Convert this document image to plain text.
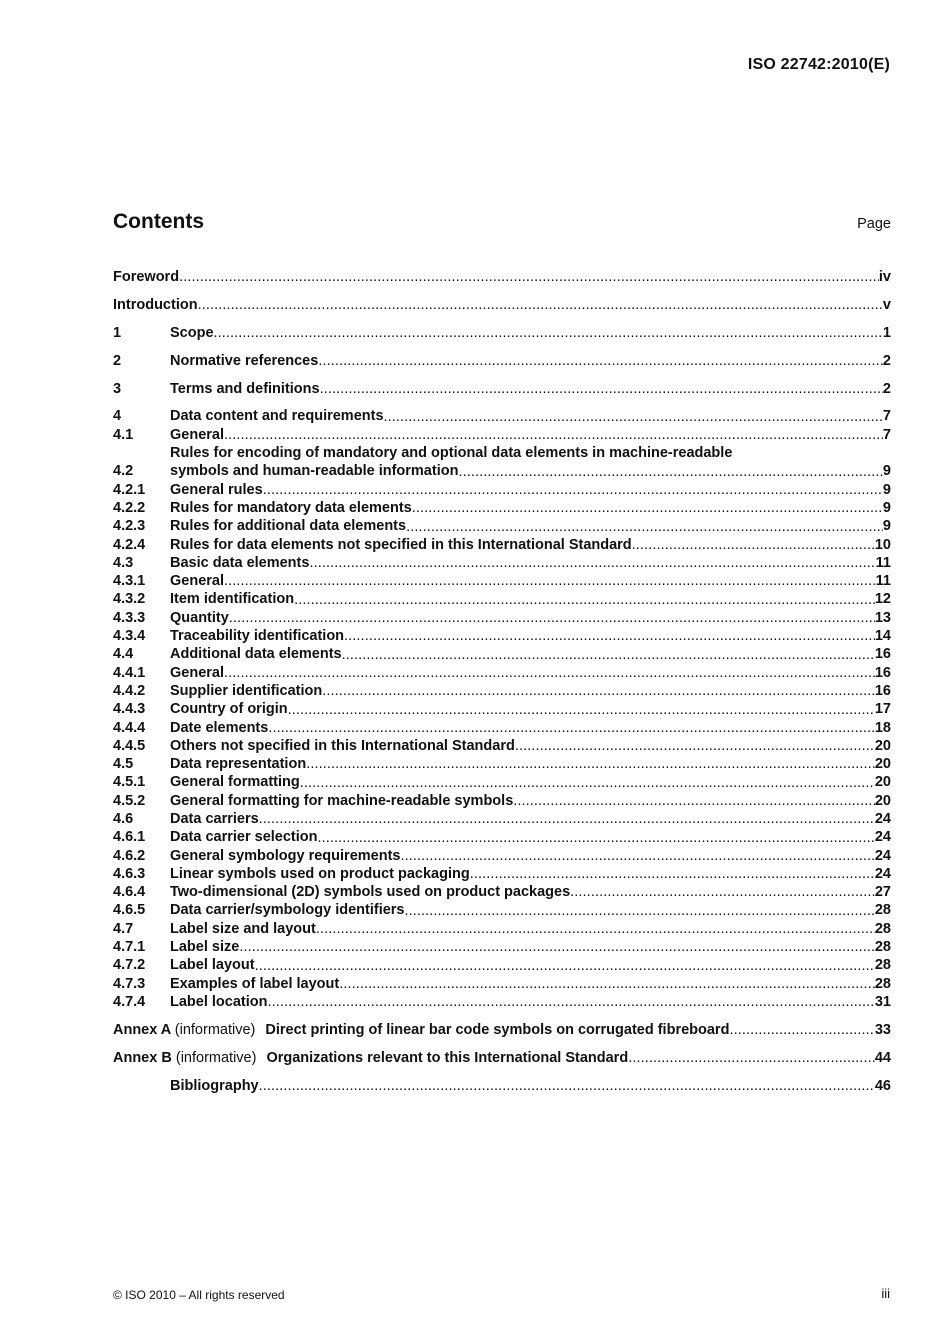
ISO 22742:2010(E)
Contents	Page
Foreword .....	iv
Introduction .....	v
1	Scope .....	1
2	Normative references .....	2
3	Terms and definitions .....	2
4	Data content and requirements .....	7
4.1	General .....	7
4.2
Rules for encoding of mandatory and optional data elements in machine-readable
symbols and human-readable information .....	9
4.2.1	General rules .....	9
4.2.2	Rules for mandatory data elements .....	9
4.2.3	Rules for additional data elements .....	9
4.2.4	Rules for data elements not specified in this International Standard .....	10
4.3	Basic data elements .....	11
4.3.1	General .....	11
4.3.2	Item identification .....	12
4.3.3	Quantity .....	13
4.3.4	Traceability identification .....	14
4.4	Additional data elements .....	16
4.4.1	General .....	16
4.4.2	Supplier identification .....	16
4.4.3	Country of origin .....	17
4.4.4	Date elements .....	18
4.4.5	Others not specified in this International Standard .....	20
4.5	Data representation .....	20
4.5.1	General formatting .....	20
4.5.2	General formatting for machine-readable symbols .....	20
4.6	Data carriers .....	24
4.6.1	Data carrier selection .....	24
4.6.2	General symbology requirements .....	24
4.6.3	Linear symbols used on product packaging .....	24
4.6.4	Two-dimensional (2D) symbols used on product packages .....	27
4.6.5	Data carrier/symbology identifiers .....	28
4.7	Label size and layout .....	28
4.7.1	Label size .....	28
4.7.2	Label layout .....	28
4.7.3	Examples of label layout .....	28
4.7.4	Label location .....	31
Annex A (informative) Direct printing of linear bar code symbols on corrugated fibreboard .....	33
Annex B (informative) Organizations relevant to this International Standard .....	44
Bibliography .....	46
© ISO 2010 – All rights reserved	iii
